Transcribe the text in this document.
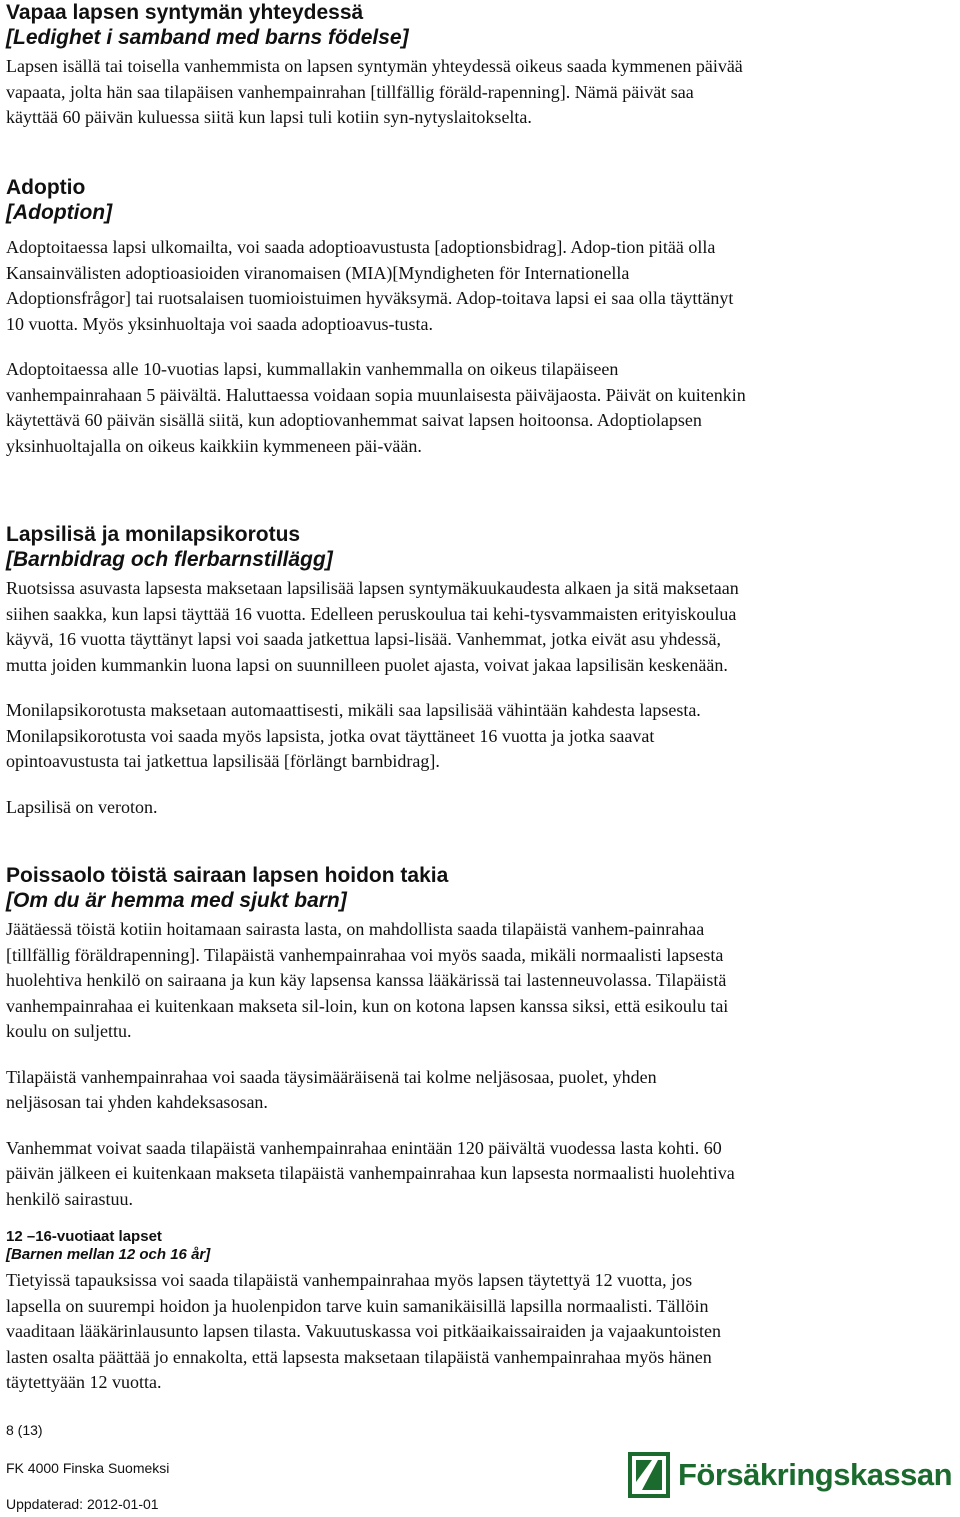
Vapaa lapsen syntymän yhteydessä
[Ledighet i samband med barns födelse]

Lapsen isällä tai toisella vanhemmista on lapsen syntymän yhteydessä oikeus saada kymmenen päivää vapaata, jolta hän saa tilapäisen vanhempainrahan [tillfällig föräld-rapenning]. Nämä päivät saa käyttää 60 päivän kuluessa siitä kun lapsi tuli kotiin syn-nytyslaitokselta.

Adoptio
[Adoption]

Adoptoitaessa lapsi ulkomailta, voi saada adoptioavustusta [adoptionsbidrag]. Adop-tion pitää olla Kansainvälisten adoptioasioiden viranomaisen (MIA)[Myndigheten för Internationella Adoptionsfrågor] tai ruotsalaisen tuomioistuimen hyväksymä. Adop-toitava lapsi ei saa olla täyttänyt 10 vuotta. Myös yksinhuoltaja voi saada adoptioavus-tusta.

Adoptoitaessa alle 10-vuotias lapsi, kummallakin vanhemmalla on oikeus tilapäiseen vanhempainrahaan 5 päivältä. Haluttaessa voidaan sopia muunlaisesta päiväjaosta. Päivät on kuitenkin käytettävä 60 päivän sisällä siitä, kun adoptiovanhemmat saivat lapsen hoitoonsa. Adoptiolapsen yksinhuoltajalla on oikeus kaikkiin kymmeneen päi-vään.

Lapsilisä ja monilapsikorotus
[Barnbidrag och flerbarnstillägg]

Ruotsissa asuvasta lapsesta maksetaan lapsilisää lapsen syntymäkuukaudesta alkaen ja sitä maksetaan siihen saakka, kun lapsi täyttää 16 vuotta. Edelleen peruskoulua tai kehi-tysvammaisten erityiskoulua käyvä, 16 vuotta täyttänyt lapsi voi saada jatkettua lapsi-lisää. Vanhemmat, jotka eivät asu yhdessä, mutta joiden kummankin luona lapsi on suunnilleen puolet ajasta, voivat jakaa lapsilisän keskenään.

Monilapsikorotusta maksetaan automaattisesti, mikäli saa lapsilisää vähintään kahdesta lapsesta. Monilapsikorotusta voi saada myös lapsista, jotka ovat täyttäneet 16 vuotta ja jotka saavat opintoavustusta tai jatkettua lapsilisää [förlängt barnbidrag].

Lapsilisä on veroton.

Poissaolo töistä sairaan lapsen hoidon takia
[Om du är hemma med sjukt barn]

Jäätäessä töistä kotiin hoitamaan sairasta lasta, on mahdollista saada tilapäistä vanhem-painrahaa [tillfällig föräldrapenning]. Tilapäistä vanhempainrahaa voi myös saada, mikäli normaalisti lapsesta huolehtiva henkilö on sairaana ja kun käy lapsensa kanssa lääkärissä tai lastenneuvolassa. Tilapäistä vanhempainrahaa ei kuitenkaan makseta sil-loin, kun on kotona lapsen kanssa siksi, että esikoulu tai koulu on suljettu.

Tilapäistä vanhempainrahaa voi saada täysimääräisenä tai kolme neljäsosaa, puolet, yhden neljäsosan tai yhden kahdeksasosan.

Vanhemmat voivat saada tilapäistä vanhempainrahaa enintään 120 päivältä vuodessa lasta kohti. 60 päivän jälkeen ei kuitenkaan makseta tilapäistä vanhempainrahaa kun lapsesta normaalisti huolehtiva henkilö sairastuu.

12 –16-vuotiaat lapset
[Barnen mellan 12 och 16 år]

Tietyissä tapauksissa voi saada tilapäistä vanhempainrahaa myös lapsen täytettyä 12 vuotta, jos lapsella on suurempi hoidon ja huolenpidon tarve kuin samanikäisillä lapsilla normaalisti. Tällöin vaaditaan lääkärinlausunto lapsen tilasta. Vakuutuskassa voi pitkäaikaissairaiden ja vajaakuntoisten lasten osalta päättää jo ennakolta, että lapsesta maksetaan tilapäistä vanhempainrahaa myös hänen täytettyään 12 vuotta.

8 (13)
FK 4000 Finska Suomeksi
Uppdaterad: 2012-01-01
Försäkringskassan
